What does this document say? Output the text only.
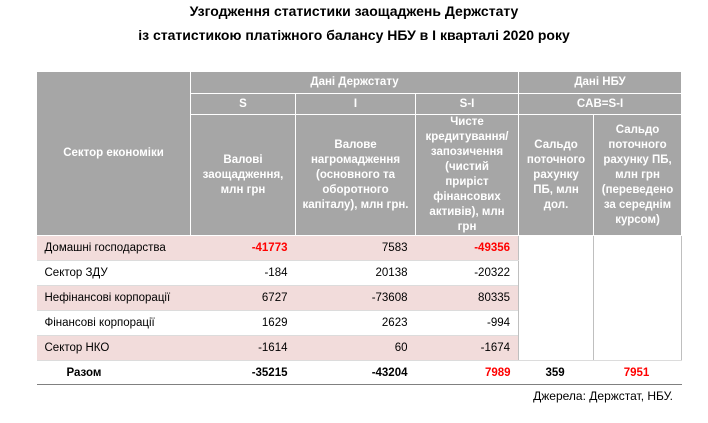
Узгодження статистики заощаджень Держстату
із статистикою платіжного балансу НБУ в І кварталі 2020 року
Сектор економіки	Дані Держстату			Дані НБУ	
	S	I	S-I	CAB=S-I	
	Валові заощадження, млн грн	Валове нагромадження (основного та оборотного капіталу), млн грн.	Чисте кредитування/ запозичення (чистий приріст фінансових активів), млн грн	Сальдо поточного рахунку ПБ, млн дол.	Сальдо поточного рахунку ПБ, млн грн (переведено за середнім курсом)
Домашні господарства	-41773	7583	-49356		
Сектор ЗДУ	-184	20138	-20322		
Нефінансові корпорації	6727	-73608	80335		
Фінансові корпорації	1629	2623	-994		
Сектор НКО	-1614	60	-1674		
Разом	-35215	-43204	7989	359	7951
Джерела: Держстат, НБУ.
